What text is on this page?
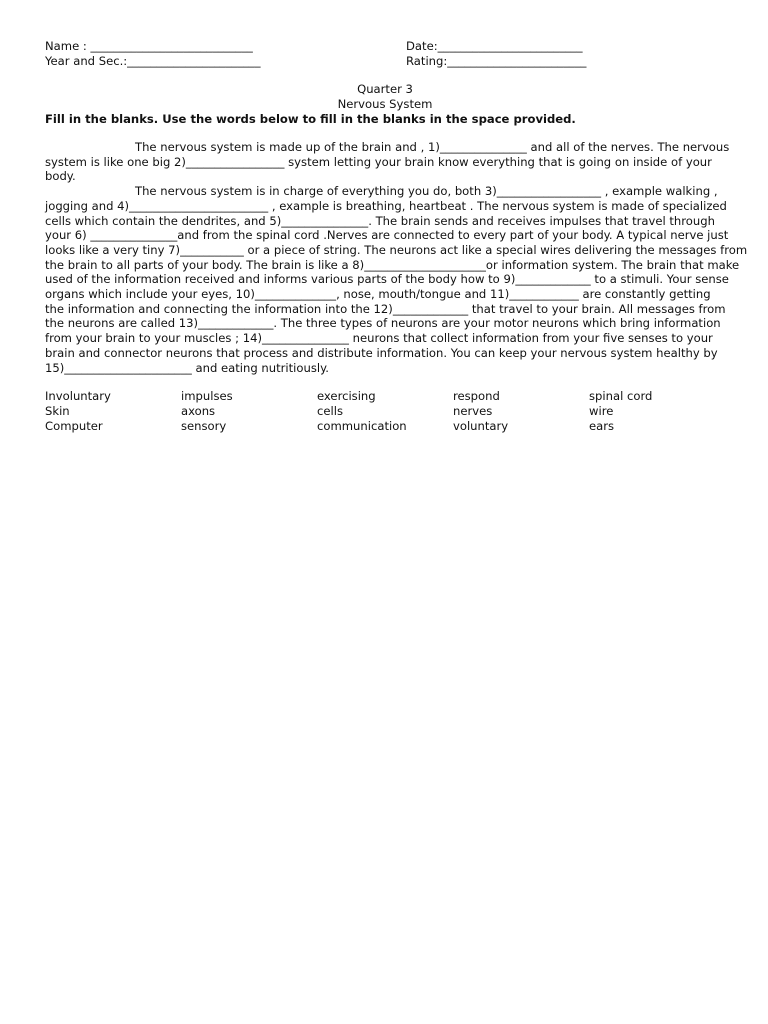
Name : ____________________________	Date:_________________________
Year and Sec.:_______________________	Rating:________________________
Quarter 3
Nervous System
Fill in the blanks. Use the words below to fill in the blanks in the space provided.

The nervous system is made up of the brain and , 1)_______________ and all of the nerves. The nervous
system is like one big 2)_________________ system letting your brain know everything that is going on inside of your
body.

The nervous system is in charge of everything you do, both 3)__________________ , example walking ,
jogging and 4)________________________ , example is breathing, heartbeat . The nervous system is made of specialized
cells which contain the dendrites, and 5)_______________. The brain sends and receives impulses that travel through
your 6) _______________and from the spinal cord .Nerves are connected to every part of your body. A typical nerve just
looks like a very tiny 7)___________ or a piece of string. The neurons act like a special wires delivering the messages from
the brain to all parts of your body. The brain is like a 8)_____________________or information system. The brain that make
used of the information received and informs various parts of the body how to 9)_____________ to a stimuli. Your sense
organs which include your eyes, 10)______________, nose, mouth/tongue and 11)____________ are constantly getting
the information and connecting the information into the 12)_____________ that travel to your brain. All messages from
the neurons are called 13)_____________. The three types of neurons are your motor neurons which bring information
from your brain to your muscles ; 14)_______________ neurons that collect information from your five senses to your
brain and connector neurons that process and distribute information. You can keep your nervous system healthy by
15)______________________ and eating nutritiously.

Involuntary	impulses	exercising	respond	spinal cord
Skin	axons	cells	nerves	wire
Computer	sensory	communication	voluntary	ears
